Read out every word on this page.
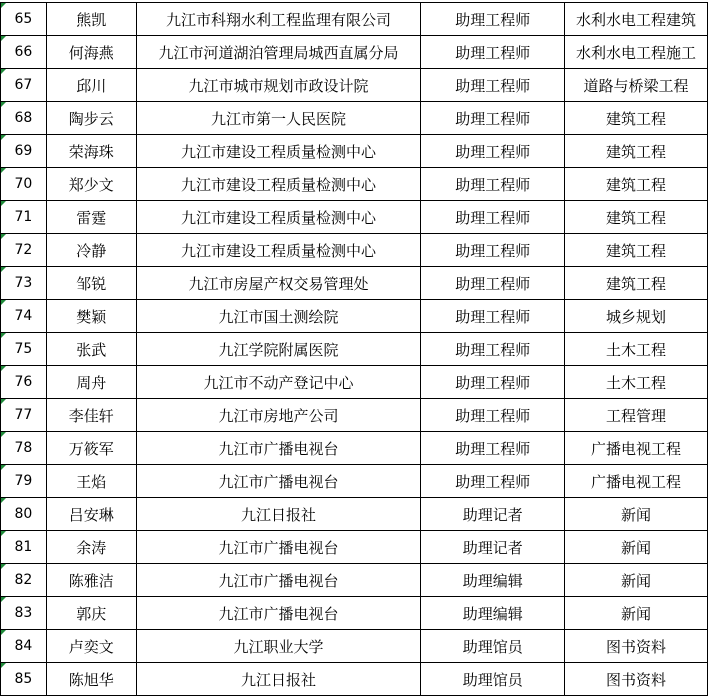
65	熊凯	九江市科翔水利工程监理有限公司	助理工程师	水利水电工程建筑
66	何海燕	九江市河道湖泊管理局城西直属分局	助理工程师	水利水电工程施工
67	邱川	九江市城市规划市政设计院	助理工程师	道路与桥梁工程
68	陶步云	九江市第一人民医院	助理工程师	建筑工程
69	荣海珠	九江市建设工程质量检测中心	助理工程师	建筑工程
70	郑少文	九江市建设工程质量检测中心	助理工程师	建筑工程
71	雷霆	九江市建设工程质量检测中心	助理工程师	建筑工程
72	冷静	九江市建设工程质量检测中心	助理工程师	建筑工程
73	邹锐	九江市房屋产权交易管理处	助理工程师	建筑工程
74	樊颖	九江市国土测绘院	助理工程师	城乡规划
75	张武	九江学院附属医院	助理工程师	土木工程
76	周舟	九江市不动产登记中心	助理工程师	土木工程
77	李佳轩	九江市房地产公司	助理工程师	工程管理
78	万筱军	九江市广播电视台	助理工程师	广播电视工程
79	王焰	九江市广播电视台	助理工程师	广播电视工程
80	吕安琳	九江日报社	助理记者	新闻
81	余涛	九江市广播电视台	助理记者	新闻
82	陈雅洁	九江市广播电视台	助理编辑	新闻
83	郭庆	九江市广播电视台	助理编辑	新闻
84	卢奕文	九江职业大学	助理馆员	图书资料
85	陈旭华	九江日报社	助理馆员	图书资料
